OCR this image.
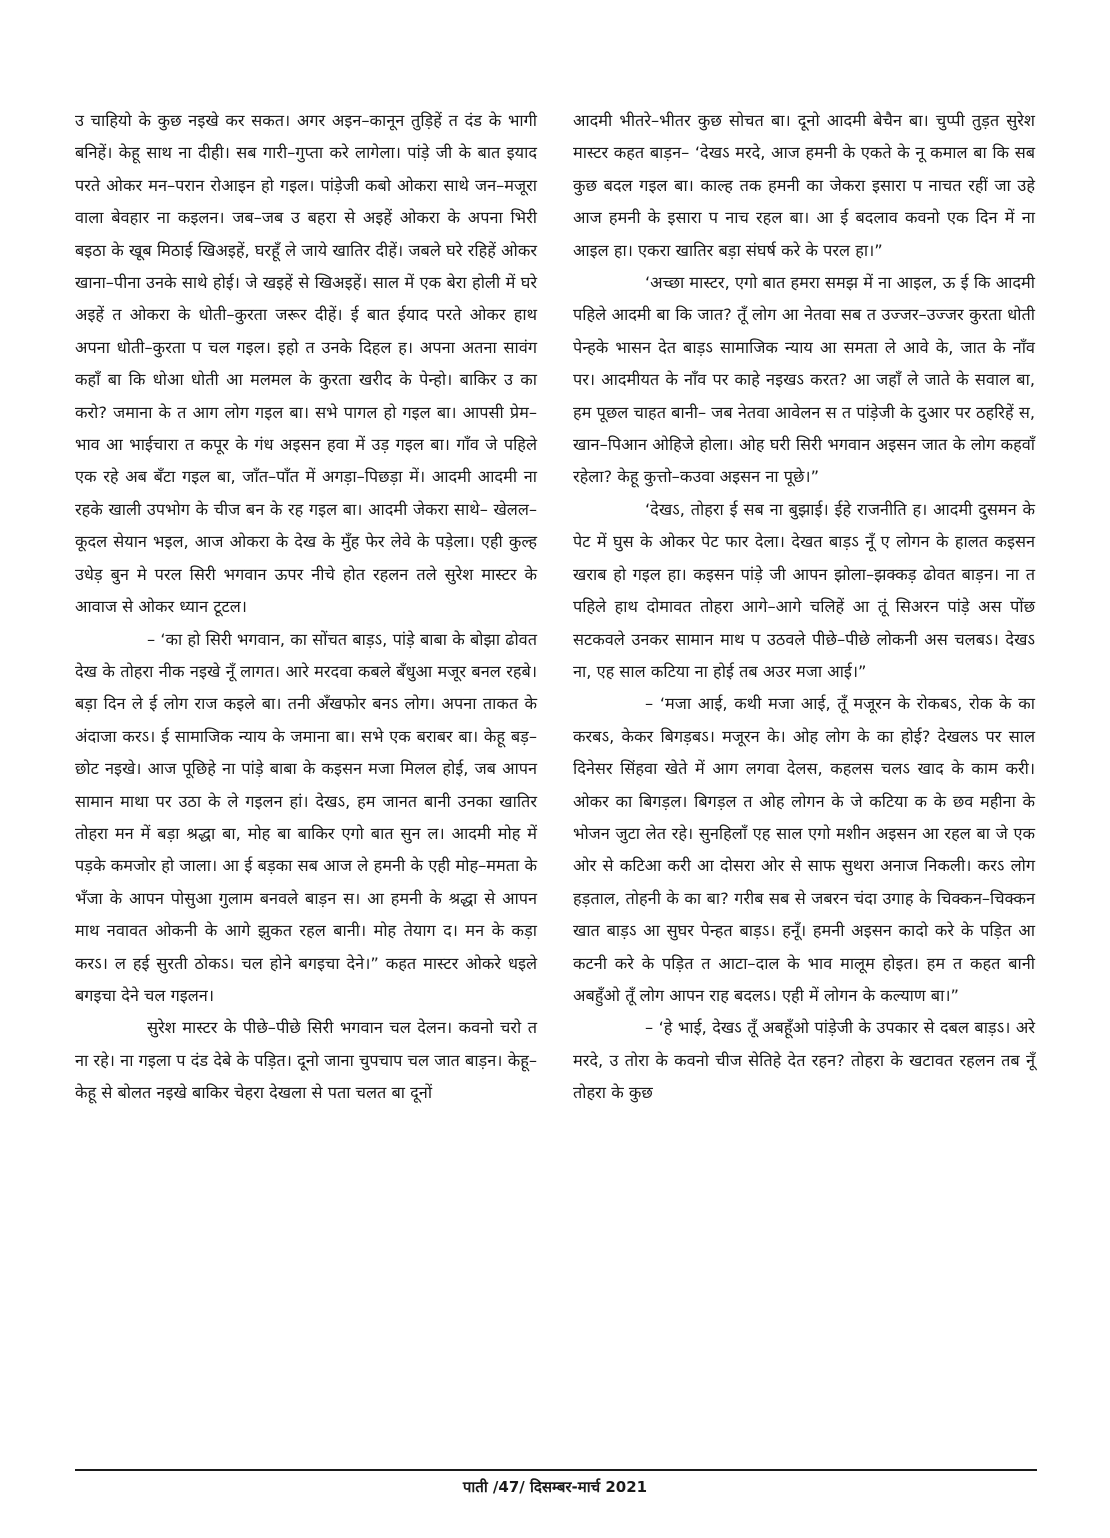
उ चाहियो के कुछ नइखे कर सकत। अगर अइन–कानून तुड़िहें त दंड के भागी बनिहें। केहू साथ ना दीही। सब गारी–गुप्ता करे लागेला। पांड़े जी के बात इयाद परते ओकर मन–परान रोआइन हो गइल। पांड़ेजी कबो ओकरा साथे जन–मजूरा वाला बेवहार ना कइलन। जब–जब उ बहरा से अइहें ओकरा के अपना भिरी बइठा के खूब मिठाई खिअइहें, घरहूँ ले जाये खातिर दीहें। जबले घरे रहिहें ओकर खाना–पीना उनके साथे होई। जे खइहें से खिअइहें। साल में एक बेरा होली में घरे अइहें त ओकरा के धोती–कुरता जरूर दीहें। ई बात ईयाद परते ओकर हाथ अपना धोती–कुरता प चल गइल। इहो त उनके दिहल ह। अपना अतना सावंग कहाँ बा कि धोआ धोती आ मलमल के कुरता खरीद के पेन्हो। बाकिर उ का करो? जमाना के त आग लोग गइल बा। सभे पागल हो गइल बा। आपसी प्रेम–भाव आ भाईचारा त कपूर के गंध अइसन हवा में उड़ गइल बा। गाँव जे पहिले एक रहे अब बँटा गइल बा, जाँत–पाँत में अगड़ा–पिछड़ा में। आदमी आदमी ना रहके खाली उपभोग के चीज बन के रह गइल बा। आदमी जेकरा साथे– खेलल–कूदल सेयान भइल, आज ओकरा के देख के मुँह फेर लेवे के पड़ेला। एही कुल्ह उधेड़ बुन मे परल सिरी भगवान ऊपर नीचे होत रहलन तले सुरेश मास्टर के आवाज से ओकर ध्यान टूटल।

– ‘का हो सिरी भगवान, का सोंचत बाड़ऽ, पांड़े बाबा के बोझा ढोवत देख के तोहरा नीक नइखे नूँ लागत। आरे मरदवा कबले बँधुआ मजूर बनल रहबे। बड़ा दिन ले ई लोग राज कइले बा। तनी अँखफोर बनऽ लोग। अपना ताकत के अंदाजा करऽ। ई सामाजिक न्याय के जमाना बा। सभे एक बराबर बा। केहू बड़–छोट नइखे। आज पूछिहे ना पांड़े बाबा के कइसन मजा मिलल होई, जब आपन सामान माथा पर उठा के ले गइलन हां। देखऽ, हम जानत बानी उनका खातिर तोहरा मन में बड़ा श्रद्धा बा, मोह बा बाकिर एगो बात सुन ल। आदमी मोह में पड़के कमजोर हो जाला। आ ई बड़का सब आज ले हमनी के एही मोह–ममता के भँजा के आपन पोसुआ गुलाम बनवले बाड़न स। आ हमनी के श्रद्धा से आपन माथ नवावत ओकनी के आगे झुकत रहल बानी। मोह तेयाग द। मन के कड़ा करऽ। ल हई सुरती ठोकऽ। चल होने बगइचा देने।” कहत मास्टर ओकरे धइले बगइचा देने चल गइलन।

सुरेश मास्टर के पीछे–पीछे सिरी भगवान चल देलन। कवनो चरो त ना रहे। ना गइला प दंड देबे के पड़ित। दूनो जाना चुपचाप चल जात बाड़न। केहू–केहू से बोलत नइखे बाकिर चेहरा देखला से पता चलत बा दूनों

आदमी भीतरे–भीतर कुछ सोचत बा। दूनो आदमी बेचैन बा। चुप्पी तुड़त सुरेश मास्टर कहत बाड़न– ‘देखऽ मरदे, आज हमनी के एकते के नू कमाल बा कि सब कुछ बदल गइल बा। काल्ह तक हमनी का जेकरा इसारा प नाचत रहीं जा उहे आज हमनी के इसारा प नाच रहल बा। आ ई बदलाव कवनो एक दिन में ना आइल हा। एकरा खातिर बड़ा संघर्ष करे के परल हा।”

‘अच्छा मास्टर, एगो बात हमरा समझ में ना आइल, ऊ ई कि आदमी पहिले आदमी बा कि जात? तूँ लोग आ नेतवा सब त उज्जर–उज्जर कुरता धोती पेन्हके भासन देत बाड़ऽ सामाजिक न्याय आ समता ले आवे के, जात के नाँव पर। आदमीयत के नाँव पर काहे नइखऽ करत? आ जहाँ ले जाते के सवाल बा, हम पूछल चाहत बानी– जब नेतवा आवेलन स त पांड़ेजी के दुआर पर ठहरिहें स, खान–पिआन ओहिजे होला। ओह घरी सिरी भगवान अइसन जात के लोग कहवाँ रहेला? केहू कुत्तो–कउवा अइसन ना पूछे।”

‘देखऽ, तोहरा ई सब ना बुझाई। ईहे राजनीति ह। आदमी दुसमन के पेट में घुस के ओकर पेट फार देला। देखत बाड़ऽ नूँ ए लोगन के हालत कइसन खराब हो गइल हा। कइसन पांड़े जी आपन झोला–झक्कड़ ढोवत बाड़न। ना त पहिले हाथ दोमावत तोहरा आगे–आगे चलिहें आ तूं सिअरन पांड़े अस पोंछ सटकवले उनकर सामान माथ प उठवले पीछे–पीछे लोकनी अस चलबऽ। देखऽ ना, एह साल कटिया ना होई तब अउर मजा आई।”

– ‘मजा आई, कथी मजा आई, तूँ मजूरन के रोकबऽ, रोक के का करबऽ, केकर बिगड़बऽ। मजूरन के। ओह लोग के का होई? देखलऽ पर साल दिनेसर सिंहवा खेते में आग लगवा देलस, कहलस चलऽ खाद के काम करी। ओकर का बिगड़ल। बिगड़ल त ओह लोगन के जे कटिया क के छव महीना के भोजन जुटा लेत रहे। सुनहिलाँ एह साल एगो मशीन अइसन आ रहल बा जे एक ओर से कटिआ करी आ दोसरा ओर से साफ सुथरा अनाज निकली। करऽ लोग हड़ताल, तोहनी के का बा? गरीब सब से जबरन चंदा उगाह के चिक्कन–चिक्कन खात बाड़ऽ आ सुघर पेन्हत बाड़ऽ। हनूँ। हमनी अइसन कादो करे के पड़ित आ कटनी करे के पड़ित त आटा–दाल के भाव मालूम होइत। हम त कहत बानी अबहुँओ तूँ लोग आपन राह बदलऽ। एही में लोगन के कल्याण बा।”

– ‘हे भाई, देखऽ तूँ अबहूँओ पांड़ेजी के उपकार से दबल बाड़ऽ। अरे मरदे, उ तोरा के कवनो चीज सेतिहे देत रहन? तोहरा के खटावत रहलन तब नूँ तोहरा के कुछ

पाती /47/ दिसम्बर-मार्च 2021
